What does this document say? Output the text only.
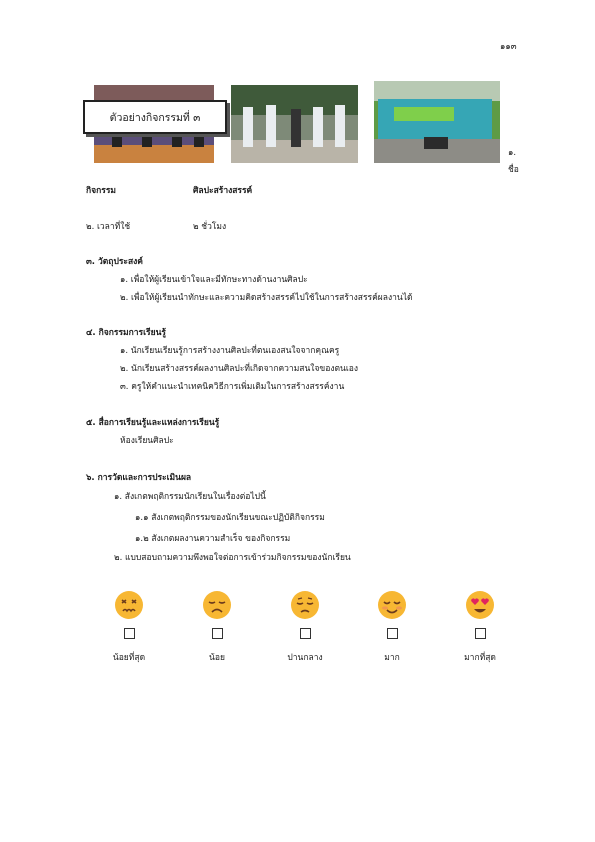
๑๑๓
ตัวอย่างกิจกรรมที่ ๓
๑.
ชื่อ
กิจกรรม	ศิลปะสร้างสรรค์
๒. เวลาที่ใช้	๒ ชั่วโมง
๓. วัตถุประสงค์
๑. เพื่อให้ผู้เรียนเข้าใจและมีทักษะทางด้านงานศิลปะ
๒. เพื่อให้ผู้เรียนนำทักษะและความคิดสร้างสรรค์ไปใช้ในการสร้างสรรค์ผลงานได้
๔. กิจกรรมการเรียนรู้
๑. นักเรียนเรียนรู้การสร้างงานศิลปะที่ตนเองสนใจจากคุณครู
๒. นักเรียนสร้างสรรค์ผลงานศิลปะที่เกิดจากความสนใจของตนเอง
๓. ครูให้คำแนะนำเทคนิควิธีการเพิ่มเติมในการสร้างสรรค์งาน
๕. สื่อการเรียนรู้และแหล่งการเรียนรู้
ห้องเรียนศิลปะ
๖. การวัดและการประเมินผล
๑. สังเกตพฤติกรรมนักเรียนในเรื่องต่อไปนี้
๑.๑ สังเกตพฤติกรรมของนักเรียนขณะปฏิบัติกิจกรรม
๑.๒ สังเกตผลงานความสำเร็จ ของกิจกรรม
๒. แบบสอบถามความพึงพอใจต่อการเข้าร่วมกิจกรรมของนักเรียน
น้อยที่สุด	น้อย	ปานกลาง	มาก	มากที่สุด
